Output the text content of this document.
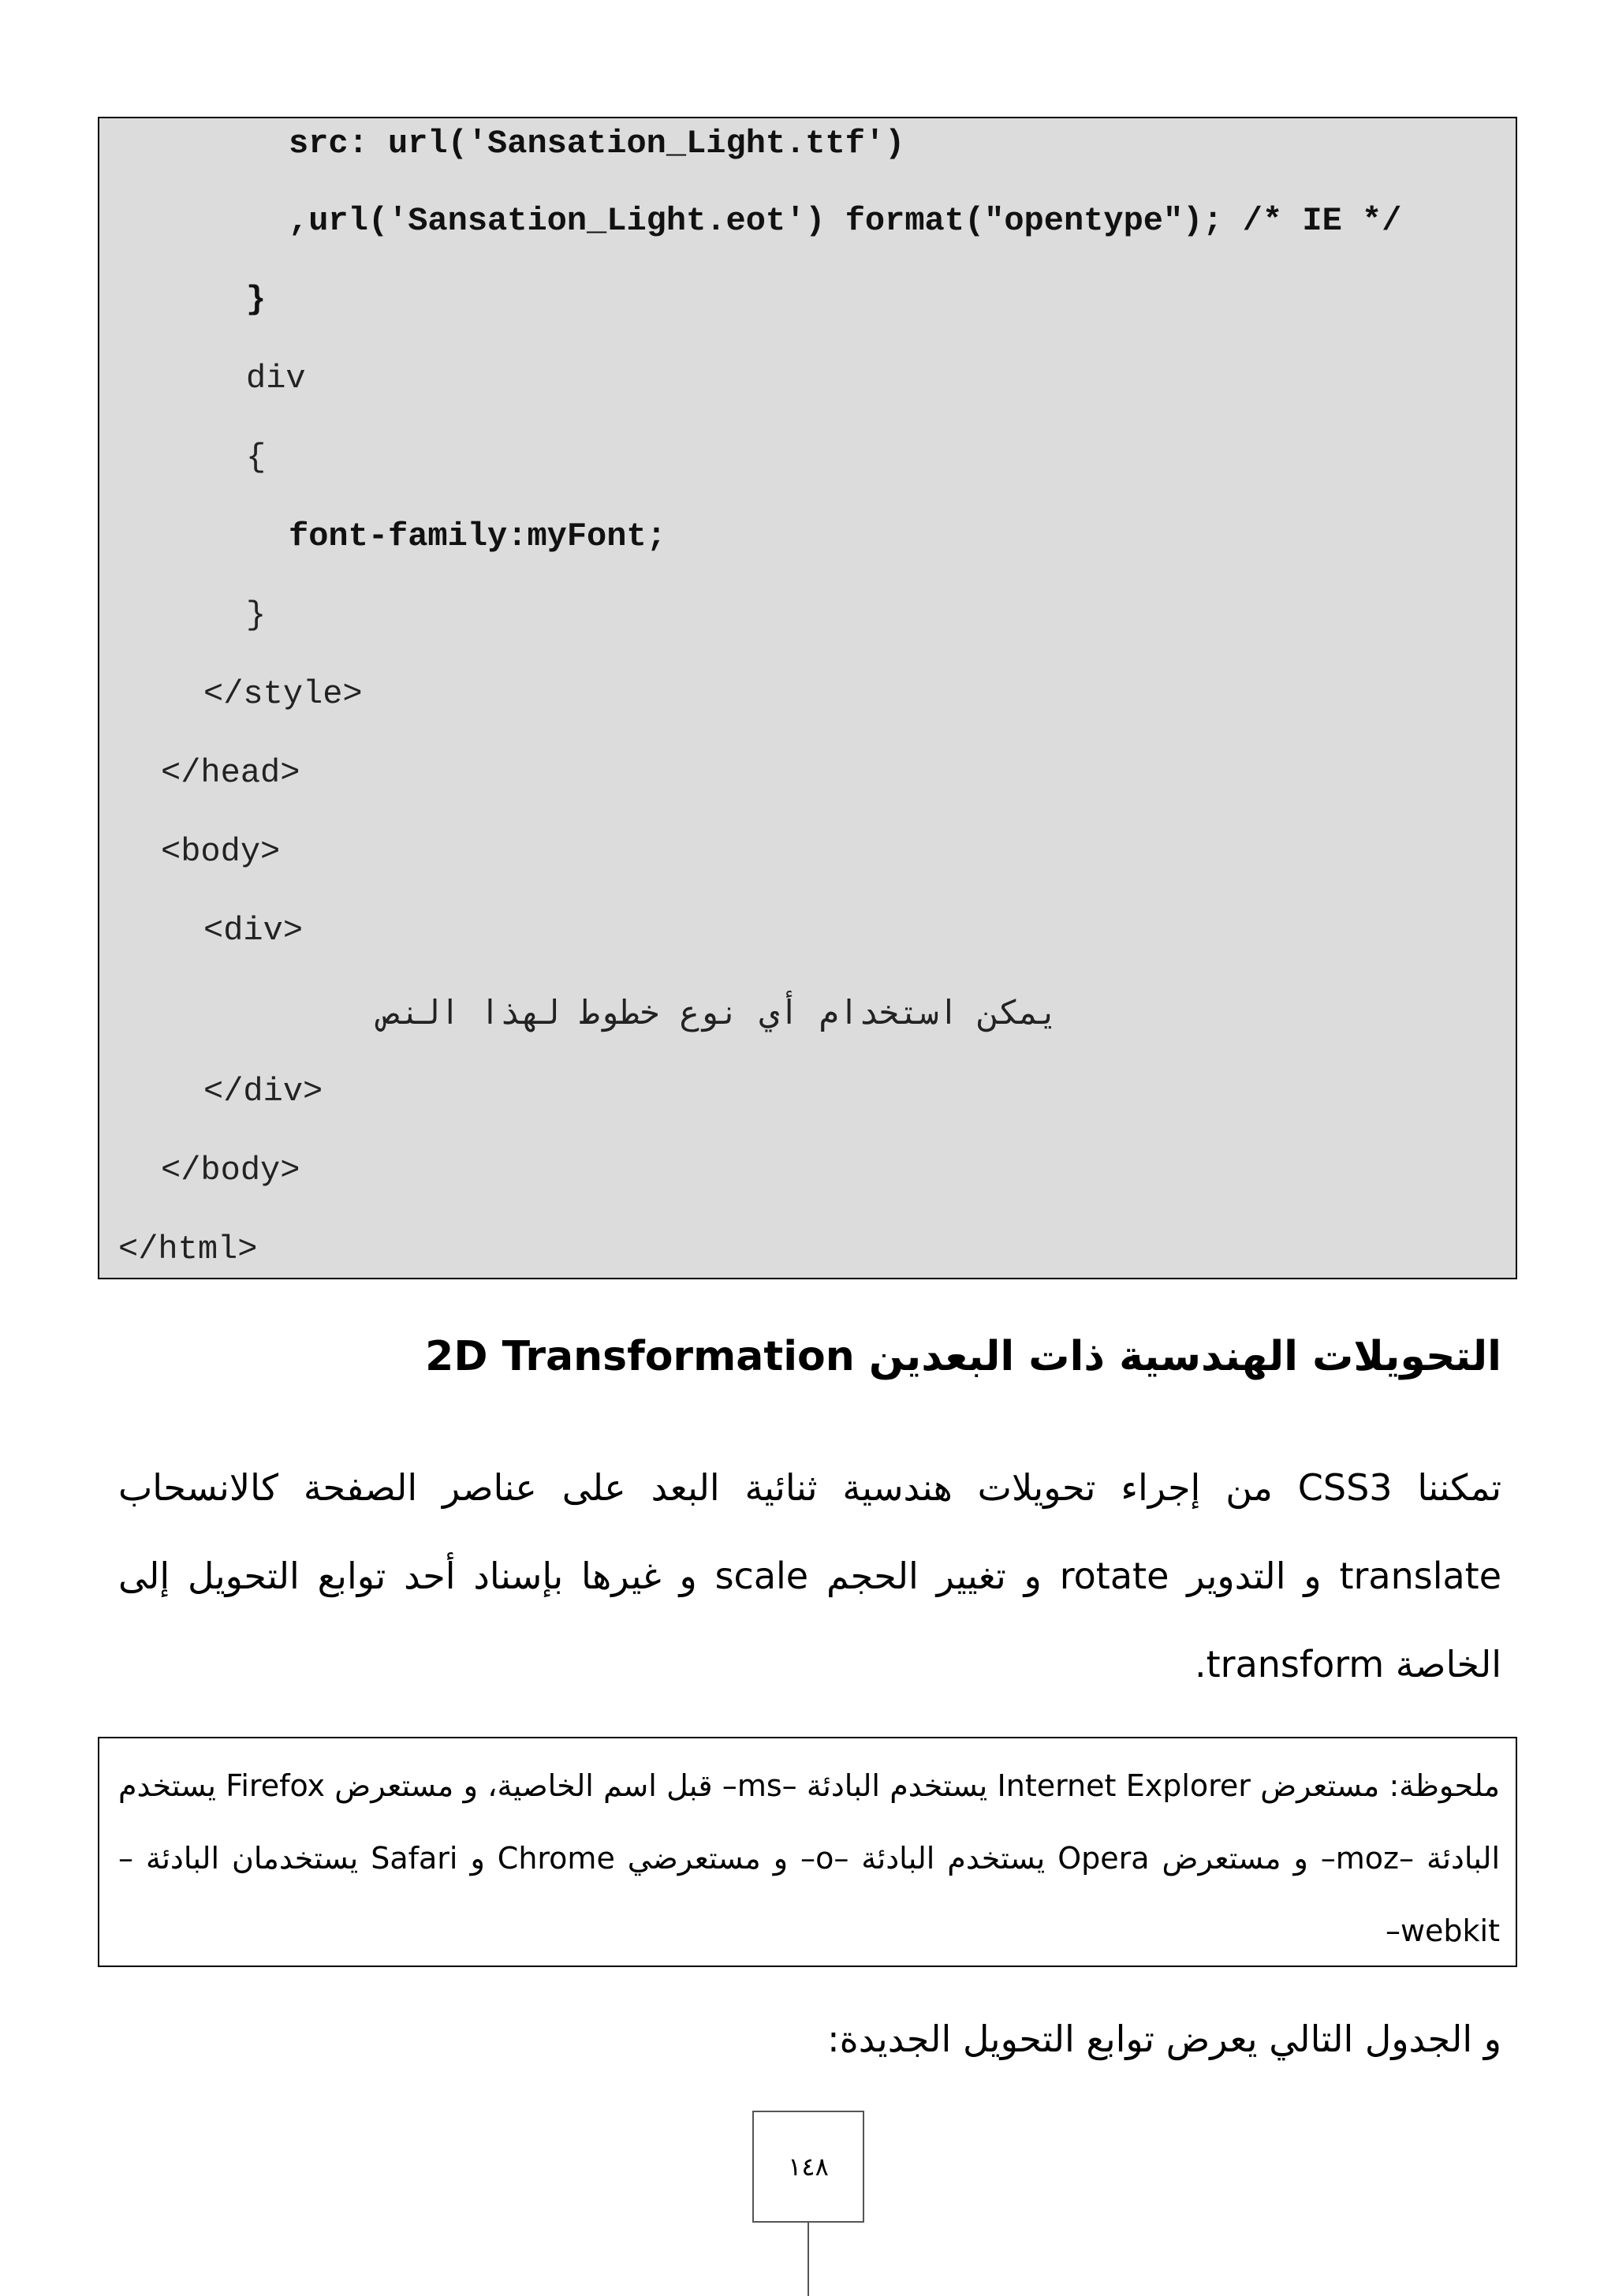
src: url('Sansation_Light.ttf')
,url('Sansation_Light.eot') format("opentype"); /* IE */
}
div
{
font-family:myFont;
}
</style>
</head>
<body>
<div>
يمكن استخدام أي نوع خطوط لهذا النص
</div>
</body>
</html>
التحويلات الهندسية ذات البعدين 2D Transformation

تمكننا CSS3 من إجراء تحويلات هندسية ثنائية البعد على عناصر الصفحة كالانسحاب translate و التدوير rotate و تغيير الحجم scale و غيرها بإسناد أحد توابع التحويل إلى الخاصة transform.

ملحوظة: مستعرض Internet Explorer يستخدم البادئة –ms– قبل اسم الخاصية، و مستعرض Firefox يستخدم البادئة –moz– و مستعرض Opera يستخدم البادئة –o– و مستعرضي Chrome و Safari يستخدمان البادئة –webkit–

و الجدول التالي يعرض توابع التحويل الجديدة:
١٤٨
